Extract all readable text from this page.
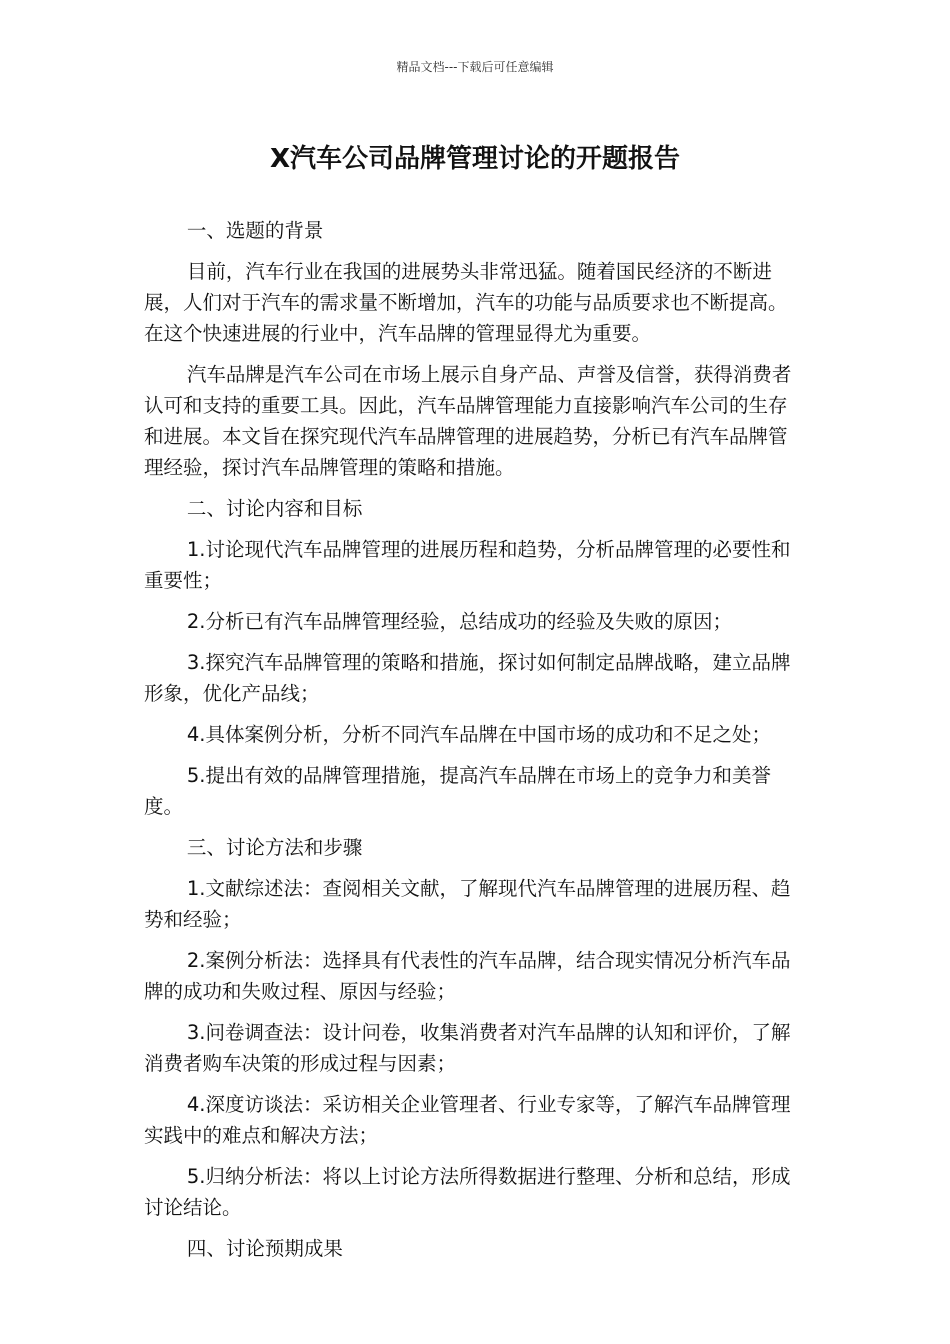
精品文档---下载后可任意编辑
X汽车公司品牌管理讨论的开题报告

一、选题的背景

目前，汽车行业在我国的进展势头非常迅猛。随着国民经济的不断进展，人们对于汽车的需求量不断增加，汽车的功能与品质要求也不断提高。在这个快速进展的行业中，汽车品牌的管理显得尤为重要。

汽车品牌是汽车公司在市场上展示自身产品、声誉及信誉，获得消费者认可和支持的重要工具。因此，汽车品牌管理能力直接影响汽车公司的生存和进展。本文旨在探究现代汽车品牌管理的进展趋势，分析已有汽车品牌管理经验，探讨汽车品牌管理的策略和措施。

二、讨论内容和目标

1.讨论现代汽车品牌管理的进展历程和趋势，分析品牌管理的必要性和重要性；

2.分析已有汽车品牌管理经验，总结成功的经验及失败的原因；

3.探究汽车品牌管理的策略和措施，探讨如何制定品牌战略，建立品牌形象，优化产品线；

4.具体案例分析，分析不同汽车品牌在中国市场的成功和不足之处；

5.提出有效的品牌管理措施，提高汽车品牌在市场上的竞争力和美誉度。

三、讨论方法和步骤

1.文献综述法：查阅相关文献，了解现代汽车品牌管理的进展历程、趋势和经验；

2.案例分析法：选择具有代表性的汽车品牌，结合现实情况分析汽车品牌的成功和失败过程、原因与经验；

3.问卷调查法：设计问卷，收集消费者对汽车品牌的认知和评价，了解消费者购车决策的形成过程与因素；

4.深度访谈法：采访相关企业管理者、行业专家等，了解汽车品牌管理实践中的难点和解决方法；

5.归纳分析法：将以上讨论方法所得数据进行整理、分析和总结，形成讨论结论。

四、讨论预期成果
